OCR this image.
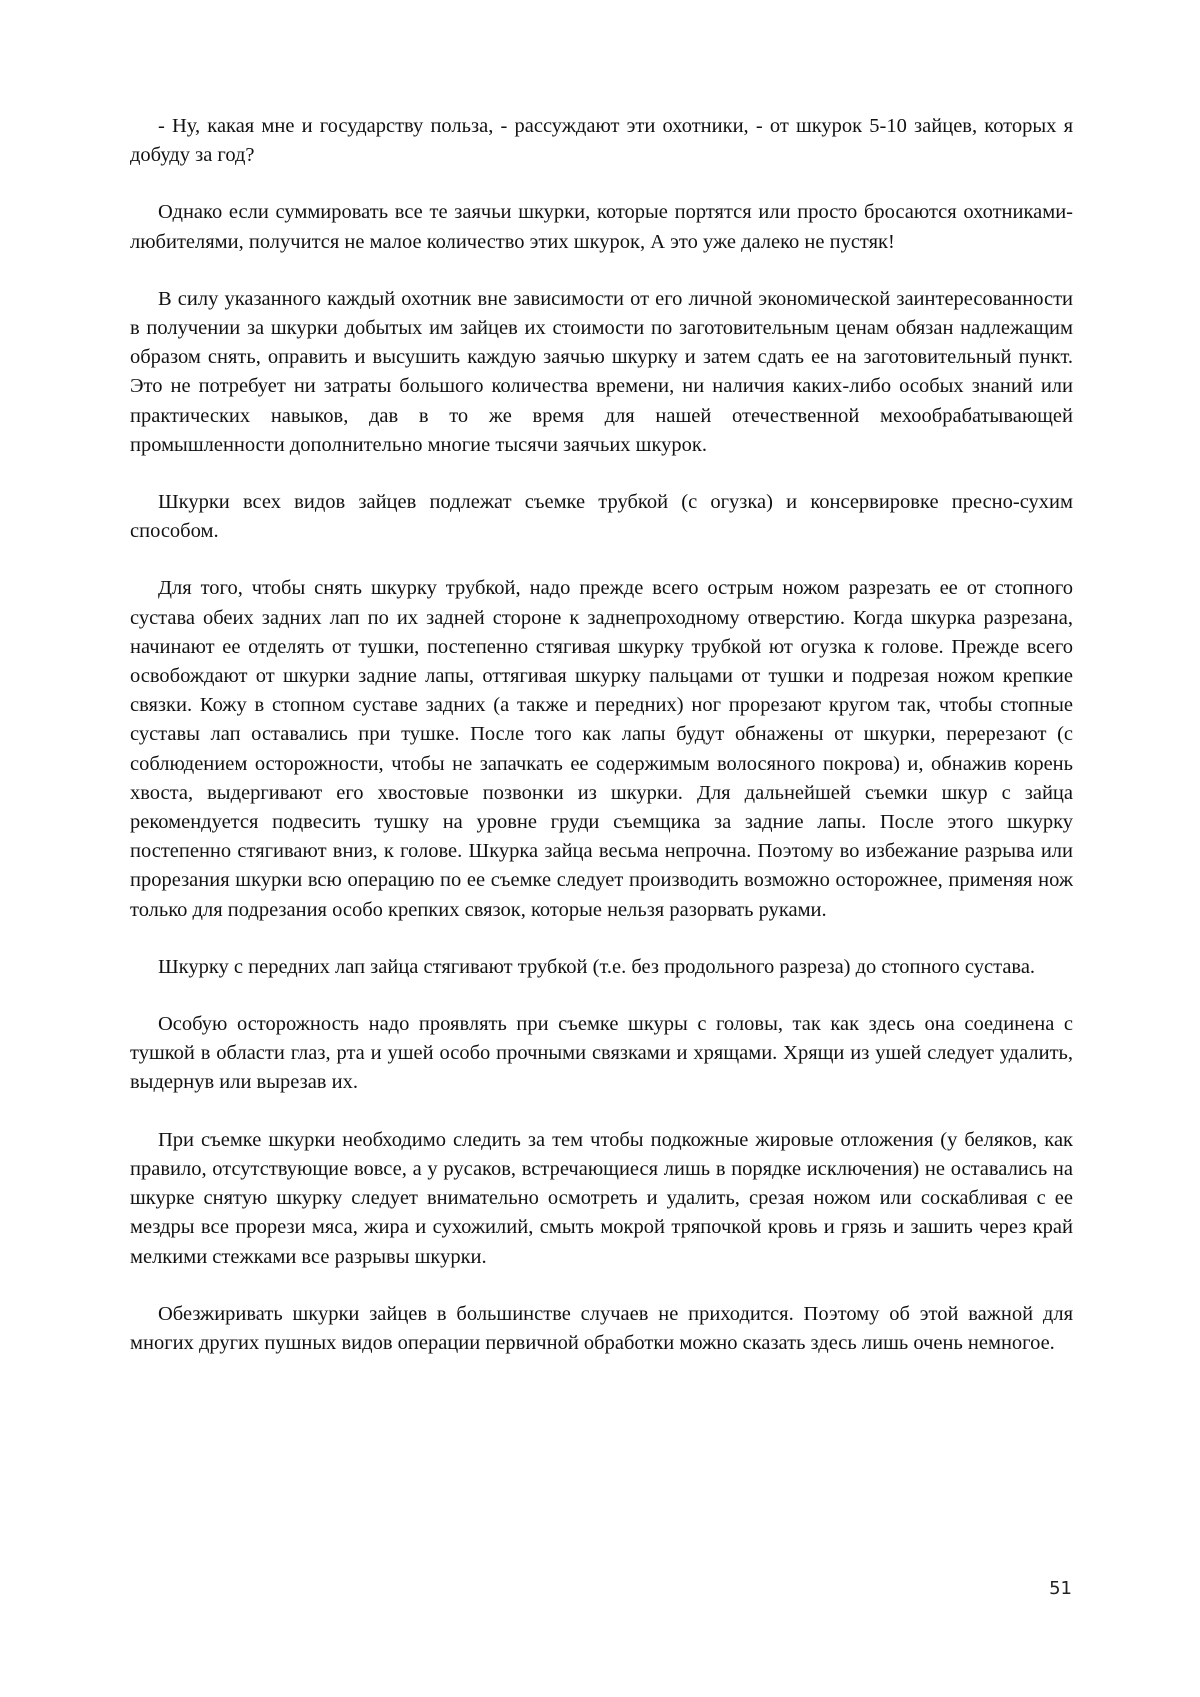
- Ну, какая мне и государству польза, - рассуждают эти охотники, - от шкурок 5-10 зайцев, которых я добуду за год?

Однако если суммировать все те заячьи шкурки, которые портятся или просто бросаются охотниками-любителями, получится не малое количество этих шкурок, А это уже далеко не пустяк!

В силу указанного каждый охотник вне зависимости от его личной экономической заинтересованности в получении за шкурки добытых им зайцев их стоимости по заготовительным ценам обязан надлежащим образом снять, оправить и высушить каждую заячью шкурку и затем сдать ее на заготовительный пункт. Это не потребует ни затраты большого количества времени, ни наличия каких-либо особых знаний или практических навыков, дав в то же время для нашей отечественной мехообрабатывающей промышленности дополнительно многие тысячи заячьих шкурок.

Шкурки всех видов зайцев подлежат съемке трубкой (с огузка) и консервировке пресно-сухим способом.

Для того, чтобы снять шкурку трубкой, надо прежде всего острым ножом разрезать ее от стопного сустава обеих задних лап по их задней стороне к заднепроходному отверстию. Когда шкурка разрезана, начинают ее отделять от тушки, постепенно стягивая шкурку трубкой ют огузка к голове. Прежде всего освобождают от шкурки задние лапы, оттягивая шкурку пальцами от тушки и подрезая ножом крепкие связки. Кожу в стопном суставе задних (а также и передних) ног прорезают кругом так, чтобы стопные суставы лап оставались при тушке. После того как лапы будут обнажены от шкурки, перерезают (с соблюдением осторожности, чтобы не запачкать ее содержимым волосяного покрова) и, обнажив корень хвоста, выдергивают его хвостовые позвонки из шкурки. Для дальнейшей съемки шкур с зайца рекомендуется подвесить тушку на уровне груди съемщика за задние лапы. После этого шкурку постепенно стягивают вниз, к голове. Шкурка зайца весьма непрочна. Поэтому во избежание разрыва или прорезания шкурки всю операцию по ее съемке следует производить возможно осторожнее, применяя нож только для подрезания особо крепких связок, которые нельзя разорвать руками.

Шкурку с передних лап зайца стягивают трубкой (т.е. без продольного разреза) до стопного сустава.

Особую осторожность надо проявлять при съемке шкуры с головы, так как здесь она соединена с тушкой в области глаз, рта и ушей особо прочными связками и хрящами. Хрящи из ушей следует удалить, выдернув или вырезав их.

При съемке шкурки необходимо следить за тем чтобы подкожные жировые отложения (у беляков, как правило, отсутствующие вовсе, а у русаков, встречающиеся лишь в порядке исключения) не оставались на шкурке снятую шкурку следует внимательно осмотреть и удалить, срезая ножом или соскабливая с ее мездры все прорези мяса, жира и сухожилий, смыть мокрой тряпочкой кровь и грязь и зашить через край мелкими стежками все разрывы шкурки.

Обезжиривать шкурки зайцев в большинстве случаев не приходится. Поэтому об этой важной для многих других пушных видов операции первичной обработки можно сказать здесь лишь очень немногое.

51
